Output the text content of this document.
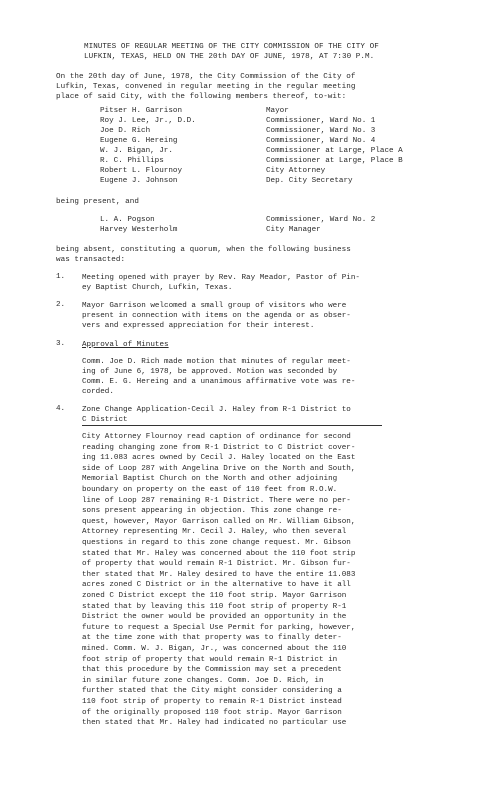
MINUTES OF REGULAR MEETING OF THE CITY COMMISSION OF THE CITY OF
LUFKIN, TEXAS, HELD ON THE 20th DAY OF JUNE, 1978, AT 7:30 P.M.
On the 20th day of June, 1978, the City Commission of the City of
Lufkin, Texas, convened in regular meeting in the regular meeting
place of said City, with the following members thereof, to-wit:
Pitser H. Garrison	Mayor
Roy J. Lee, Jr., D.D.	Commissioner, Ward No. 1
Joe D. Rich	Commissioner, Ward No. 3
Eugene G. Hereing	Commissioner, Ward No. 4
W. J. Bigan, Jr.	Commissioner at Large, Place A
R. C. Phillips	Commissioner at Large, Place B
Robert L. Flournoy	City Attorney
Eugene J. Johnson	Dep. City Secretary
being present, and
L. A. Pogson	Commissioner, Ward No. 2
Harvey Westerholm	City Manager
being absent, constituting a quorum, when the following business
was transacted:
1. Meeting opened with prayer by Rev. Ray Meador, Pastor of Pin-
ey Baptist Church, Lufkin, Texas.
2. Mayor Garrison welcomed a small group of visitors who were
present in connection with items on the agenda or as obser-
vers and expressed appreciation for their interest.
3. Approval of Minutes
Comm. Joe D. Rich made motion that minutes of regular meet-
ing of June 6, 1978, be approved. Motion was seconded by
Comm. E. G. Hereing and a unanimous affirmative vote was re-
corded.
4. Zone Change Application-Cecil J. Haley from R-1 District to
C District
City Attorney Flournoy read caption of ordinance for second
reading changing zone from R-1 District to C District cover-
ing 11.083 acres owned by Cecil J. Haley located on the East
side of Loop 287 with Angelina Drive on the North and South,
Memorial Baptist Church on the North and other adjoining
boundary on property on the east of 110 feet from R.O.W.
line of Loop 287 remaining R-1 District. There were no per-
sons present appearing in objection. This zone change re-
quest, however, Mayor Garrison called on Mr. William Gibson,
Attorney representing Mr. Cecil J. Haley, who then several
questions in regard to this zone change request. Mr. Gibson
stated that Mr. Haley was concerned about the 110 foot strip
of property that would remain R-1 District. Mr. Gibson fur-
ther stated that Mr. Haley desired to have the entire 11.083
acres zoned C District or in the alternative to have it all
zoned C District except the 110 foot strip. Mayor Garrison
stated that by leaving this 110 foot strip of property R-1
District the owner would be provided an opportunity in the
future to request a Special Use Permit for parking, however,
at the time zone with that property was to finally deter-
mined. Comm. W. J. Bigan, Jr., was concerned about the 110
foot strip of property that would remain R-1 District in
that this procedure by the Commission may set a precedent
in similar future zone changes. Comm. Joe D. Rich, in
further stated that the City might consider considering a
110 foot strip of property to remain R-1 District instead
of the originally proposed 110 foot strip. Mayor Garrison
then stated that Mr. Haley had indicated no particular use
